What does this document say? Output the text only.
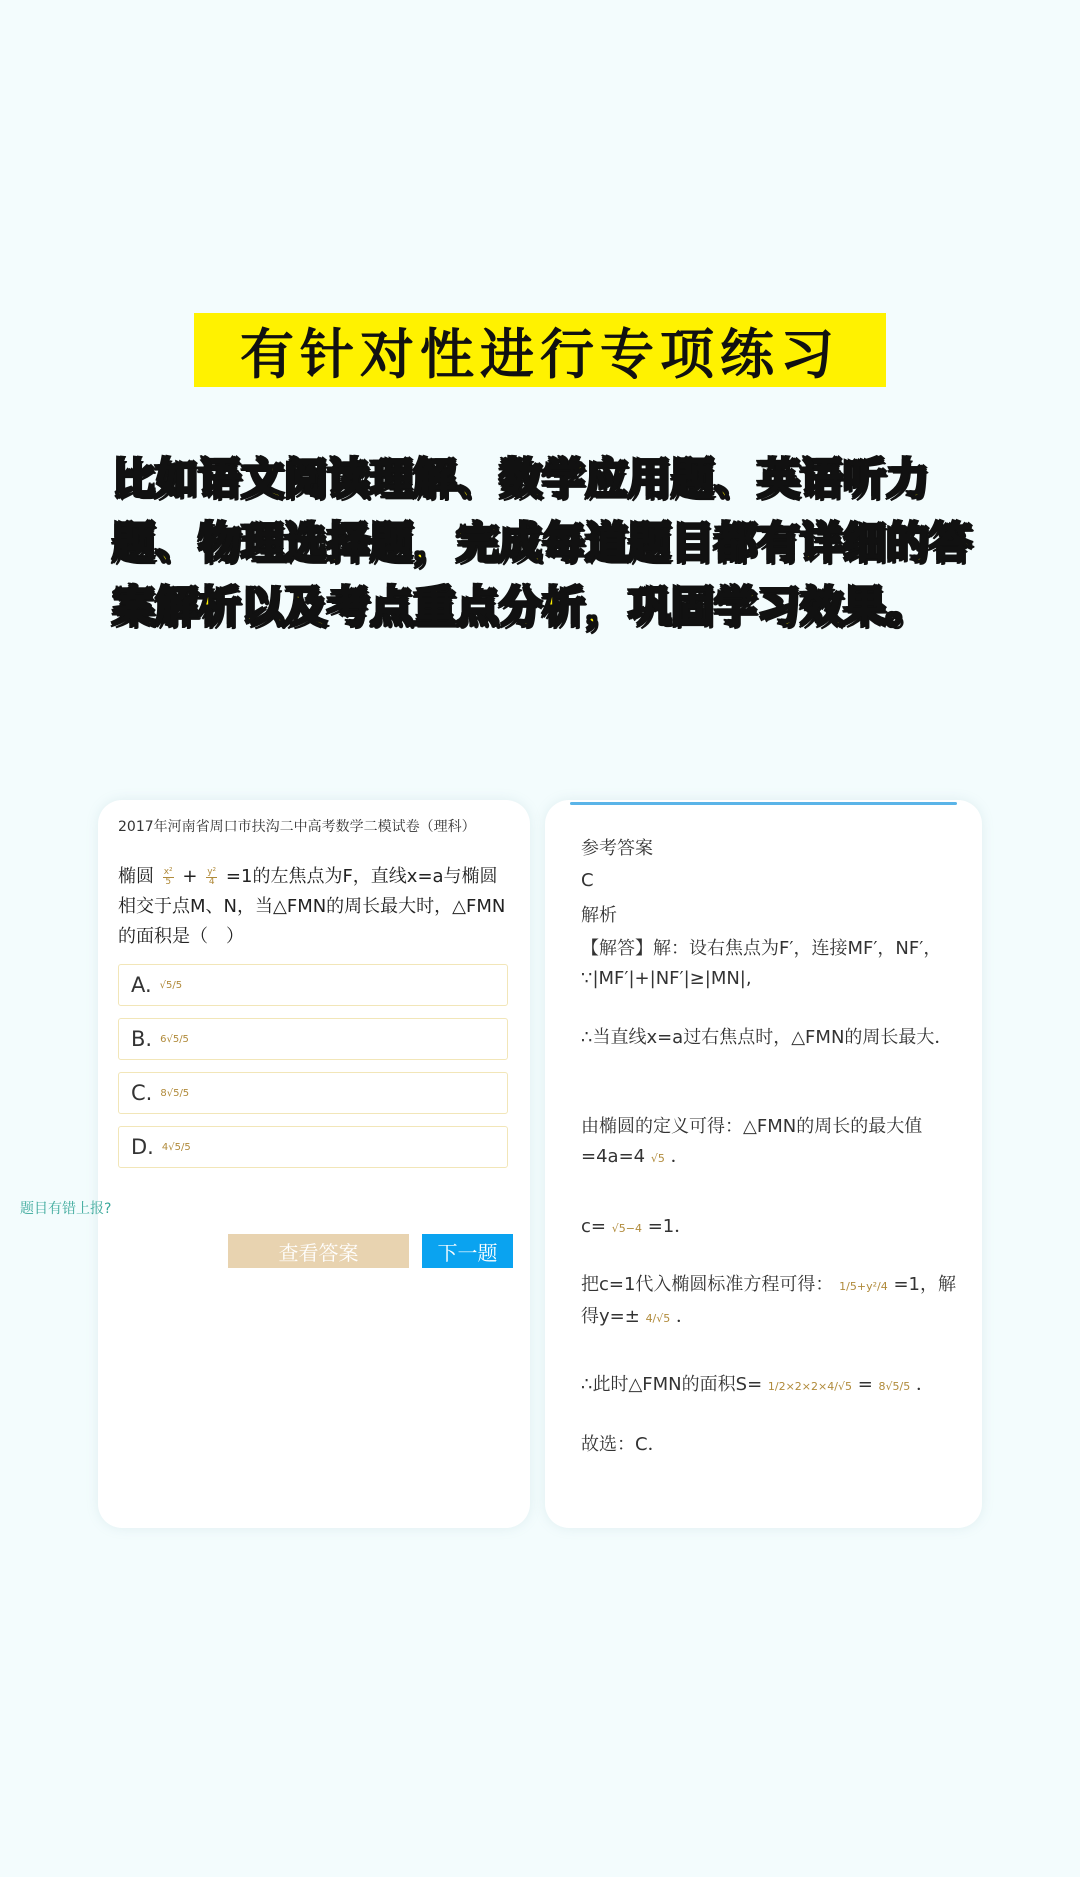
有针对性进行专项练习
比如语文阅读理解、数学应用题、英语听力题、物理选择题，完成每道题目都有详细的答案解析以及考点重点分析，巩固学习效果。
2017年河南省周口市扶沟二中高考数学二模试卷（理科）
椭圆 $\frac{\text{x²}}{5} + \frac{\text{y²}}{4} =1$的左焦点为F，直线x=a与椭圆相交于点M、N，当△FMN的周长最大时，△FMN的面积是（　）
A. √5/5
B. 6√5/5
C. 8√5/5
D. 4√5/5
题目有错上报?
查看答案	下一题
参考答案
C
解析
【解答】解：设右焦点为F′，连接MF′，NF′，∵|MF′|+|NF′|≥|MN|,
∴当直线x=a过右焦点时，△FMN的周长最大．
由椭圆的定义可得：△FMN的周长的最大值=4a=4 √5 ．
c= √5−4 =1．
把c=1代入椭圆标准方程可得： 1/5+y²/4 =1，解得y=± 4/√5 ．
∴此时△FMN的面积S= 1/2×2×2×4/√5 = 8√5/5 ．
故选：C．
